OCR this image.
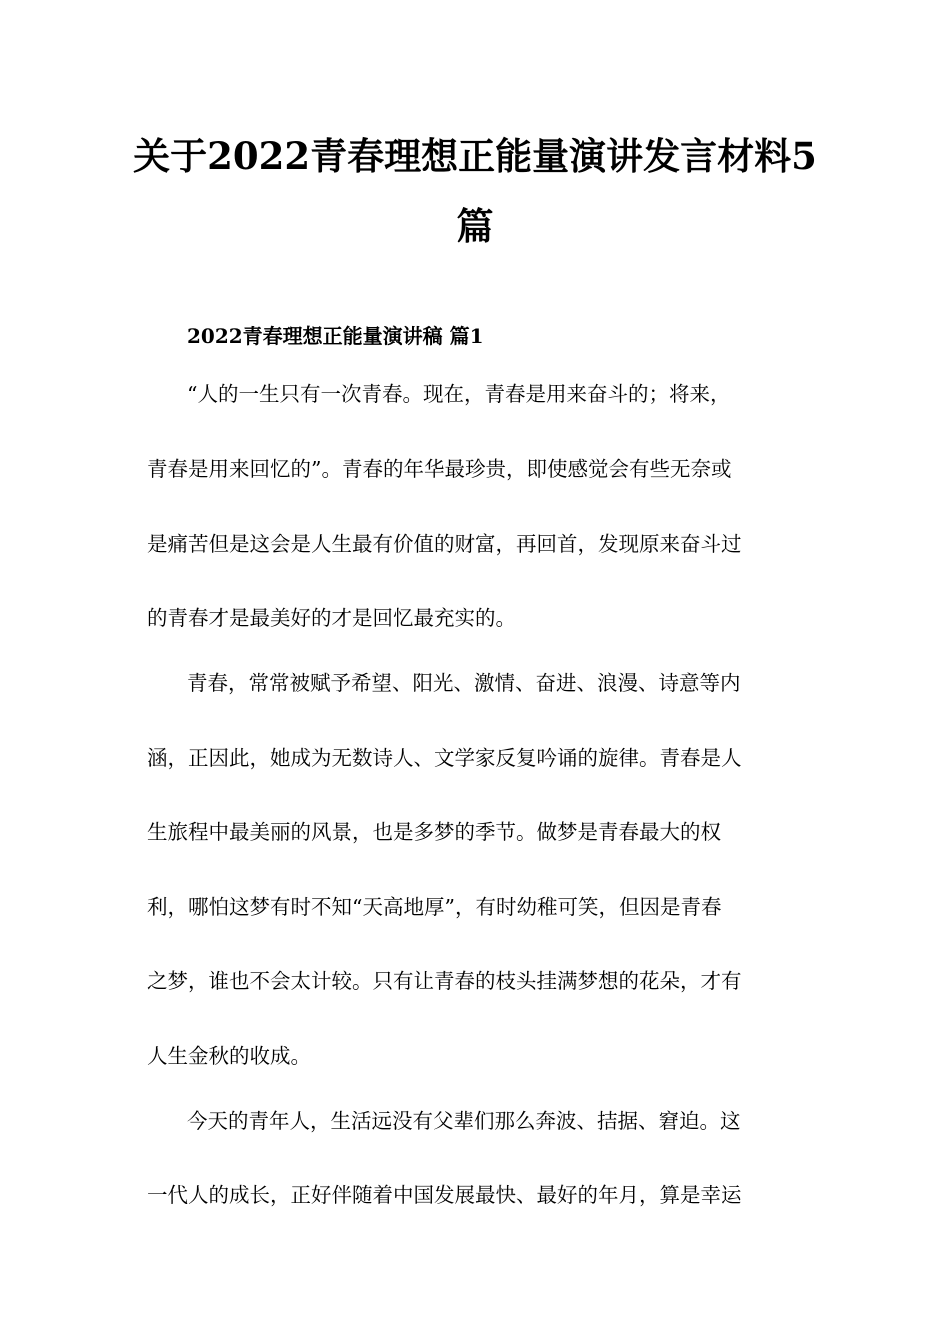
关于2022青春理想正能量演讲发言材料5
篇
2022青春理想正能量演讲稿 篇1
“人的一生只有一次青春。现在，青春是用来奋斗的；将来，
青春是用来回忆的”。青春的年华最珍贵，即使感觉会有些无奈或
是痛苦但是这会是人生最有价值的财富，再回首，发现原来奋斗过
的青春才是最美好的才是回忆最充实的。
青春，常常被赋予希望、阳光、激情、奋进、浪漫、诗意等内
涵，正因此，她成为无数诗人、文学家反复吟诵的旋律。青春是人
生旅程中最美丽的风景，也是多梦的季节。做梦是青春最大的权
利，哪怕这梦有时不知“天高地厚”，有时幼稚可笑，但因是青春
之梦，谁也不会太计较。只有让青春的枝头挂满梦想的花朵，才有
人生金秋的收成。
今天的青年人，生活远没有父辈们那么奔波、拮据、窘迫。这
一代人的成长，正好伴随着中国发展最快、最好的年月，算是幸运
